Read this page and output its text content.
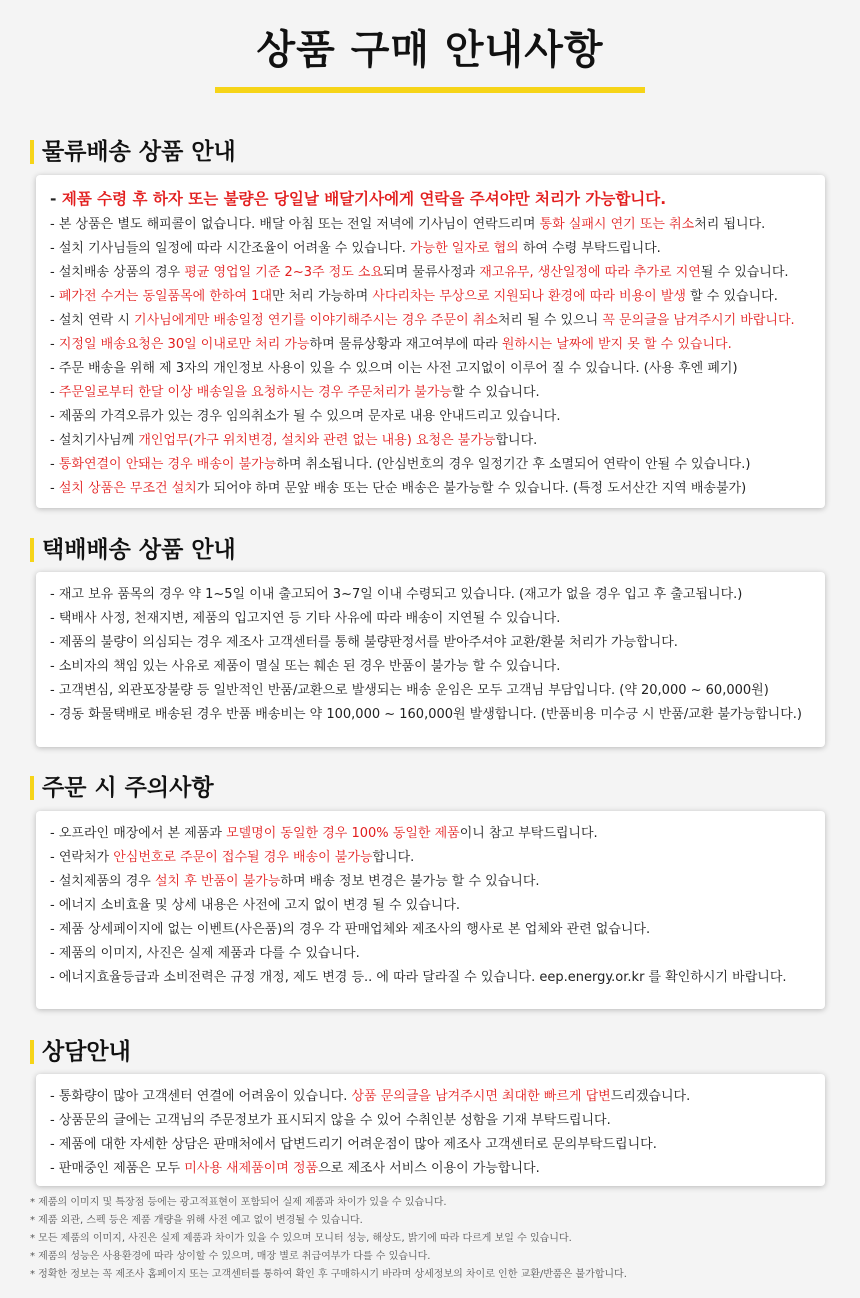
상품 구매 안내사항
물류배송 상품 안내
- 제품 수령 후 하자 또는 불량은 당일날 배달기사에게 연락을 주셔야만 처리가 가능합니다.
- 본 상품은 별도 해피콜이 없습니다. 배달 아침 또는 전일 저녁에 기사님이 연락드리며 통화 실패시 연기 또는 취소처리 됩니다.
- 설치 기사님들의 일정에 따라 시간조율이 어려울 수 있습니다. 가능한 일자로 협의 하여 수령 부탁드립니다.
- 설치배송 상품의 경우 평균 영업일 기준 2~3주 정도 소요되며 물류사정과 재고유무, 생산일정에 따라 추가로 지연될 수 있습니다.
- 폐가전 수거는 동일품목에 한하여 1대만 처리 가능하며 사다리차는 무상으로 지원되나 환경에 따라 비용이 발생 할 수 있습니다.
- 설치 연락 시 기사님에게만 배송일정 연기를 이야기해주시는 경우 주문이 취소처리 될 수 있으니 꼭 문의글을 남겨주시기 바랍니다.
- 지정일 배송요청은 30일 이내로만 처리 가능하며 물류상황과 재고여부에 따라 원하시는 날짜에 받지 못 할 수 있습니다.
- 주문 배송을 위해 제 3자의 개인정보 사용이 있을 수 있으며 이는 사전 고지없이 이루어 질 수 있습니다. (사용 후엔 폐기)
- 주문일로부터 한달 이상 배송일을 요청하시는 경우 주문처리가 불가능할 수 있습니다.
- 제품의 가격오류가 있는 경우 임의취소가 될 수 있으며 문자로 내용 안내드리고 있습니다.
- 설치기사님께 개인업무(가구 위치변경, 설치와 관련 없는 내용) 요청은 불가능합니다.
- 통화연결이 안돼는 경우 배송이 불가능하며 취소됩니다. (안심번호의 경우 일정기간 후 소멸되어 연락이 안될 수 있습니다.)
- 설치 상품은 무조건 설치가 되어야 하며 문앞 배송 또는 단순 배송은 불가능할 수 있습니다. (특정 도서산간 지역 배송불가)
택배배송 상품 안내
- 재고 보유 품목의 경우 약 1~5일 이내 출고되어 3~7일 이내 수령되고 있습니다. (재고가 없을 경우 입고 후 출고됩니다.)
- 택배사 사정, 천재지변, 제품의 입고지연 등 기타 사유에 따라 배송이 지연될 수 있습니다.
- 제품의 불량이 의심되는 경우 제조사 고객센터를 통해 불량판정서를 받아주셔야 교환/환불 처리가 가능합니다.
- 소비자의 책임 있는 사유로 제품이 멸실 또는 훼손 된 경우 반품이 불가능 할 수 있습니다.
- 고객변심, 외관포장불량 등 일반적인 반품/교환으로 발생되는 배송 운임은 모두 고객님 부담입니다. (약 20,000 ~ 60,000원)
- 경동 화물택배로 배송된 경우 반품 배송비는 약 100,000 ~ 160,000원 발생합니다. (반품비용 미수긍 시 반품/교환 불가능합니다.)
주문 시 주의사항
- 오프라인 매장에서 본 제품과 모델명이 동일한 경우 100% 동일한 제품이니 참고 부탁드립니다.
- 연락처가 안심번호로 주문이 접수될 경우 배송이 불가능합니다.
- 설치제품의 경우 설치 후 반품이 불가능하며 배송 정보 변경은 불가능 할 수 있습니다.
- 에너지 소비효율 및 상세 내용은 사전에 고지 없이 변경 될 수 있습니다.
- 제품 상세페이지에 없는 이벤트(사은품)의 경우 각 판매업체와 제조사의 행사로 본 업체와 관련 없습니다.
- 제품의 이미지, 사진은 실제 제품과 다를 수 있습니다.
- 에너지효율등급과 소비전력은 규정 개정, 제도 변경 등.. 에 따라 달라질 수 있습니다. eep.energy.or.kr 를 확인하시기 바랍니다.
상담안내
- 통화량이 많아 고객센터 연결에 어려움이 있습니다. 상품 문의글을 남겨주시면 최대한 빠르게 답변드리겠습니다.
- 상품문의 글에는 고객님의 주문정보가 표시되지 않을 수 있어 수취인분 성함을 기재 부탁드립니다.
- 제품에 대한 자세한 상담은 판매처에서 답변드리기 어려운점이 많아 제조사 고객센터로 문의부탁드립니다.
- 판매중인 제품은 모두 미사용 새제품이며 정품으로 제조사 서비스 이용이 가능합니다.
* 제품의 이미지 및 특장점 등에는 광고적표현이 포함되어 실제 제품과 차이가 있을 수 있습니다.
* 제품 외관, 스펙 등은 제품 개량을 위해 사전 예고 없이 변경될 수 있습니다.
* 모든 제품의 이미지, 사진은 실제 제품과 차이가 있을 수 있으며 모니터 성능, 해상도, 밝기에 따라 다르게 보일 수 있습니다.
* 제품의 성능은 사용환경에 따라 상이할 수 있으며, 매장 별로 취급여부가 다를 수 있습니다.
* 정확한 정보는 꼭 제조사 홈페이지 또는 고객센터를 통하여 확인 후 구매하시기 바라며 상세정보의 차이로 인한 교환/반품은 불가합니다.
